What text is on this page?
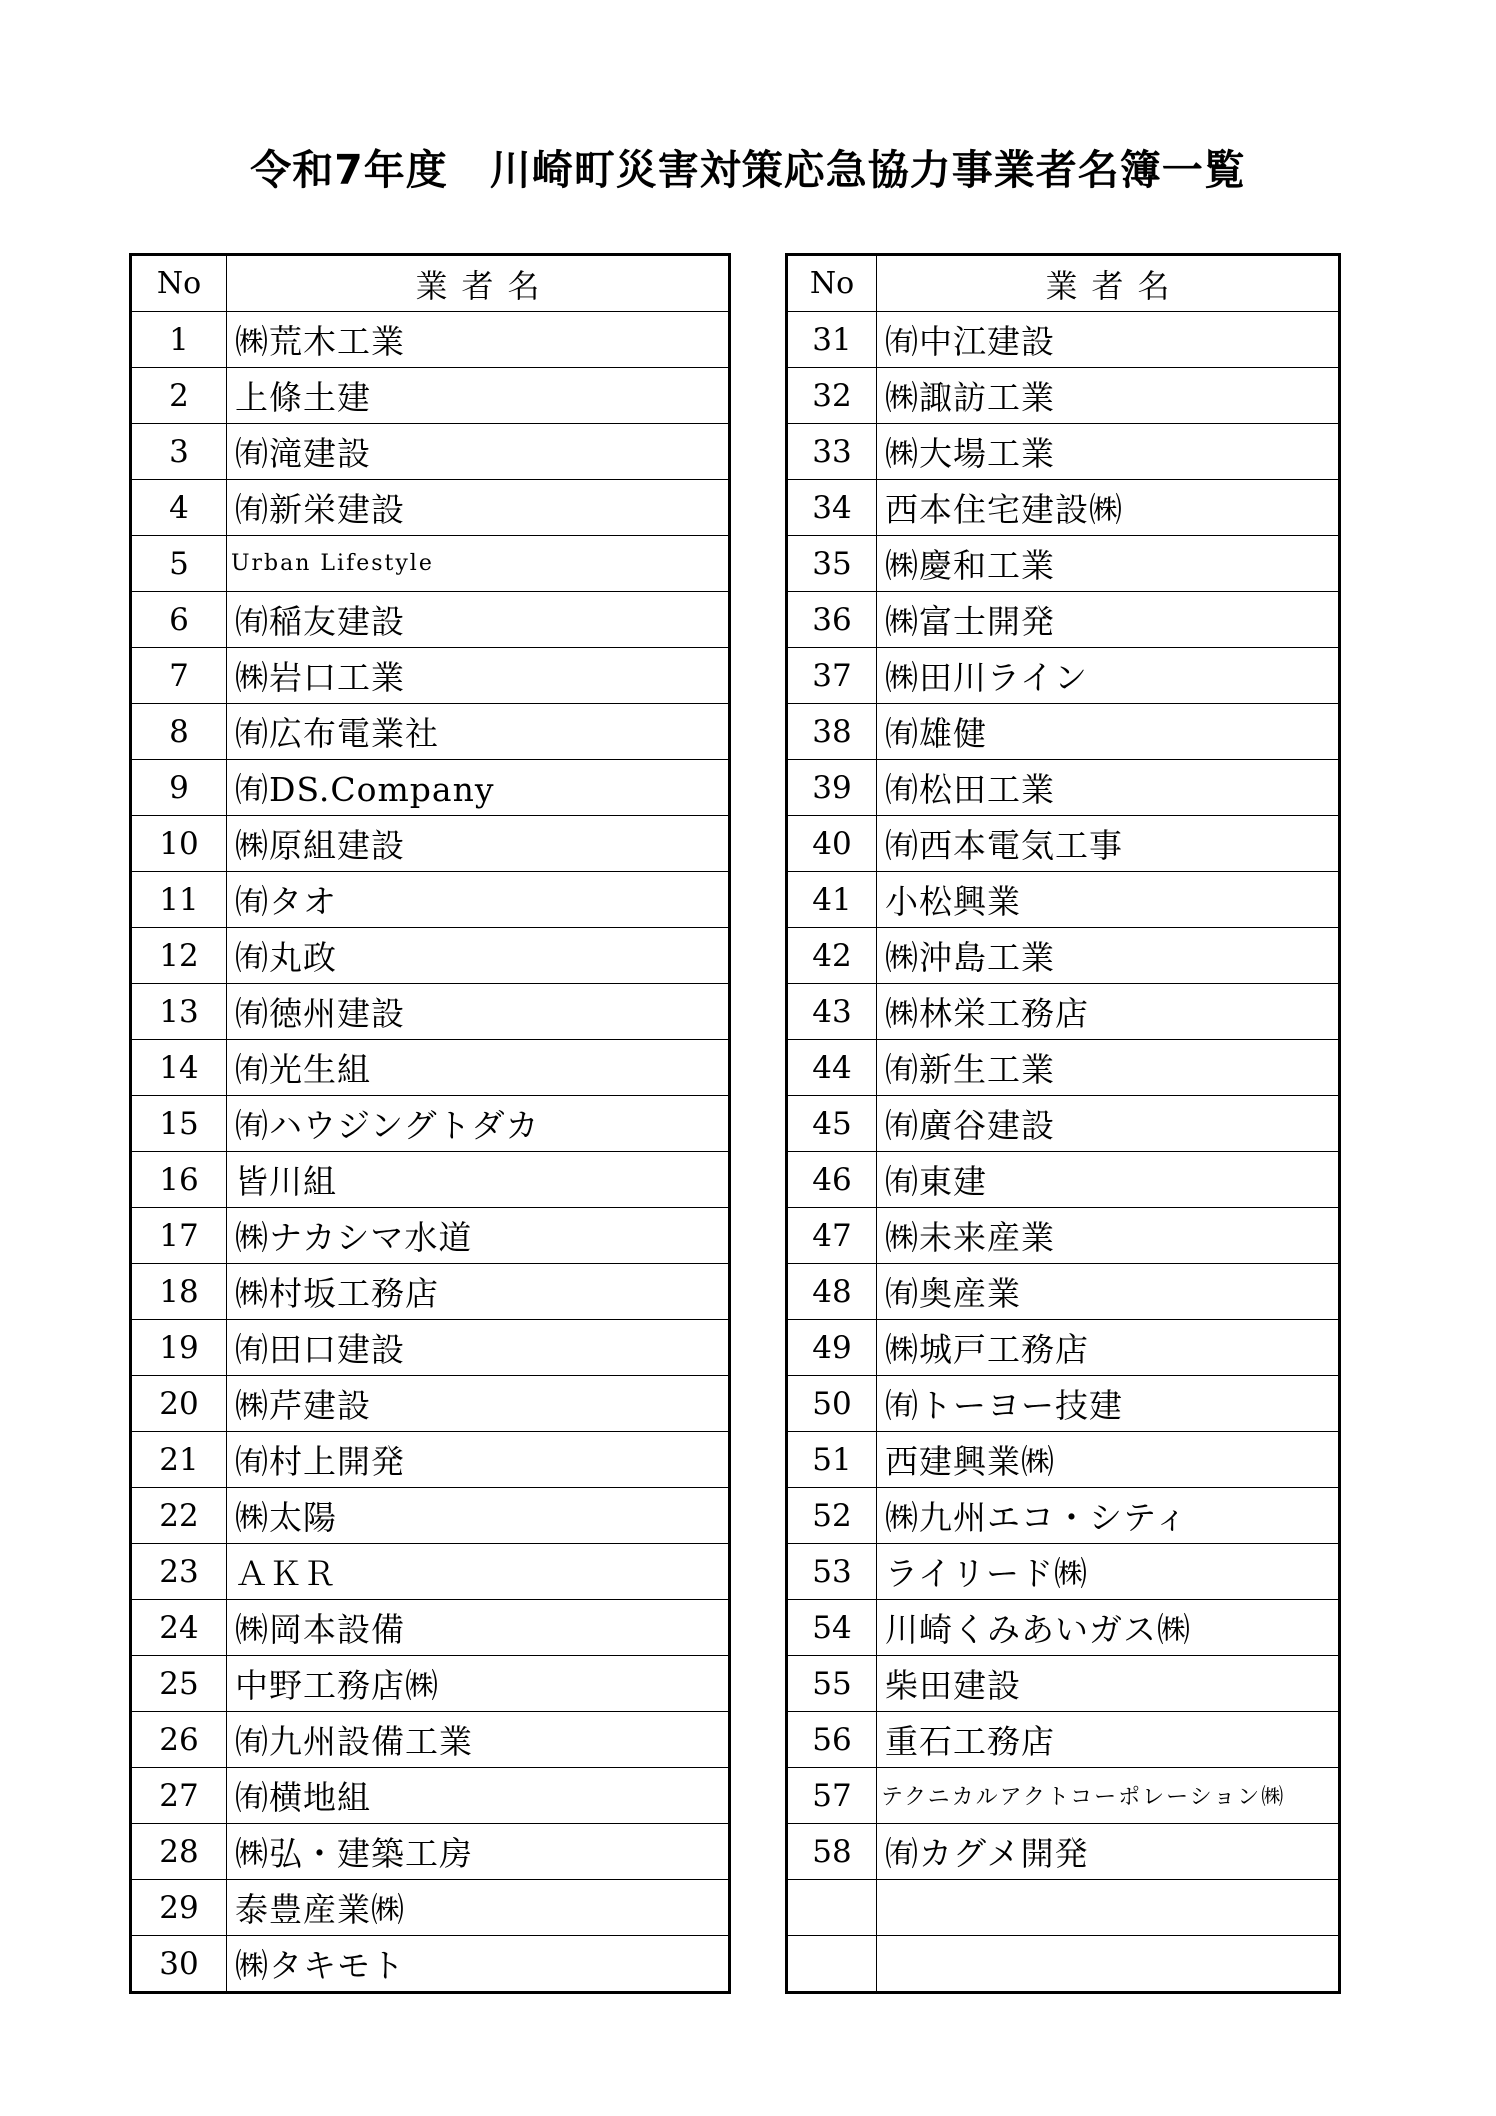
令和7年度　川崎町災害対策応急協力事業者名簿一覧
No	業者名
1	㈱荒木工業
2	上條土建
3	㈲滝建設
4	㈲新栄建設
5	Urban Lifestyle
6	㈲稲友建設
7	㈱岩口工業
8	㈲広布電業社
9	㈲DS.Company
10	㈱原組建設
11	㈲タオ
12	㈲丸政
13	㈲徳州建設
14	㈲光生組
15	㈲ハウジングトダカ
16	皆川組
17	㈱ナカシマ水道
18	㈱村坂工務店
19	㈲田口建設
20	㈱芹建設
21	㈲村上開発
22	㈱太陽
23	ＡＫＲ
24	㈱岡本設備
25	中野工務店㈱
26	㈲九州設備工業
27	㈲横地組
28	㈱弘・建築工房
29	泰豊産業㈱
30	㈱タキモト
No	業者名
31	㈲中江建設
32	㈱諏訪工業
33	㈱大場工業
34	西本住宅建設㈱
35	㈱慶和工業
36	㈱富士開発
37	㈱田川ライン
38	㈲雄健
39	㈲松田工業
40	㈲西本電気工事
41	小松興業
42	㈱沖島工業
43	㈱林栄工務店
44	㈲新生工業
45	㈲廣谷建設
46	㈲東建
47	㈱未来産業
48	㈲奥産業
49	㈱城戸工務店
50	㈲トーヨー技建
51	西建興業㈱
52	㈱九州エコ・シティ
53	ライリード㈱
54	川崎くみあいガス㈱
55	柴田建設
56	重石工務店
57	テクニカルアクトコーポレーション㈱
58	㈲カグメ開発
